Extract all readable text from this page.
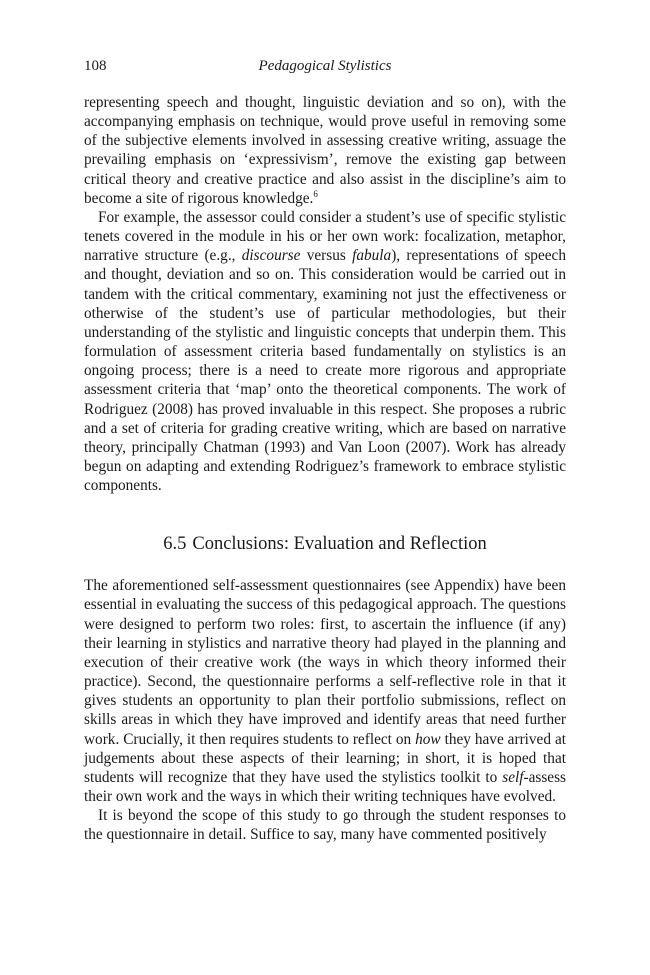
108	Pedagogical Stylistics

representing speech and thought, linguistic deviation and so on), with the accompanying emphasis on technique, would prove useful in removing some of the subjective elements involved in assessing creative writing, assuage the prevailing emphasis on ‘expressivism’, remove the existing gap between critical theory and creative practice and also assist in the discipline’s aim to become a site of rigorous knowledge.$^6$

For example, the assessor could consider a student’s use of specific stylistic tenets covered in the module in his or her own work: focalization, metaphor, narrative structure (e.g., discourse versus fabula), representations of speech and thought, deviation and so on. This consideration would be carried out in tandem with the critical commentary, examining not just the effectiveness or otherwise of the student’s use of particular methodologies, but their understanding of the stylistic and linguistic concepts that underpin them. This formulation of assessment criteria based fundamentally on stylistics is an ongoing process; there is a need to create more rigorous and appropriate assessment criteria that ‘map’ onto the theoretical components. The work of Rodriguez (2008) has proved invaluable in this respect. She proposes a rubric and a set of criteria for grading creative writing, which are based on narrative theory, principally Chatman (1993) and Van Loon (2007). Work has already begun on adapting and extending Rodriguez’s framework to embrace stylistic components.

6.5 Conclusions: Evaluation and Reflection

The aforementioned self-assessment questionnaires (see Appendix) have been essential in evaluating the success of this pedagogical approach. The questions were designed to perform two roles: first, to ascertain the influence (if any) their learning in stylistics and narrative theory had played in the planning and execution of their creative work (the ways in which theory informed their practice). Second, the questionnaire performs a self-reflective role in that it gives students an opportunity to plan their portfolio submissions, reflect on skills areas in which they have improved and identify areas that need further work. Crucially, it then requires students to reflect on how they have arrived at judgements about these aspects of their learning; in short, it is hoped that students will recognize that they have used the stylistics toolkit to self-assess their own work and the ways in which their writing techniques have evolved.

It is beyond the scope of this study to go through the student responses to the questionnaire in detail. Suffice to say, many have commented positively
